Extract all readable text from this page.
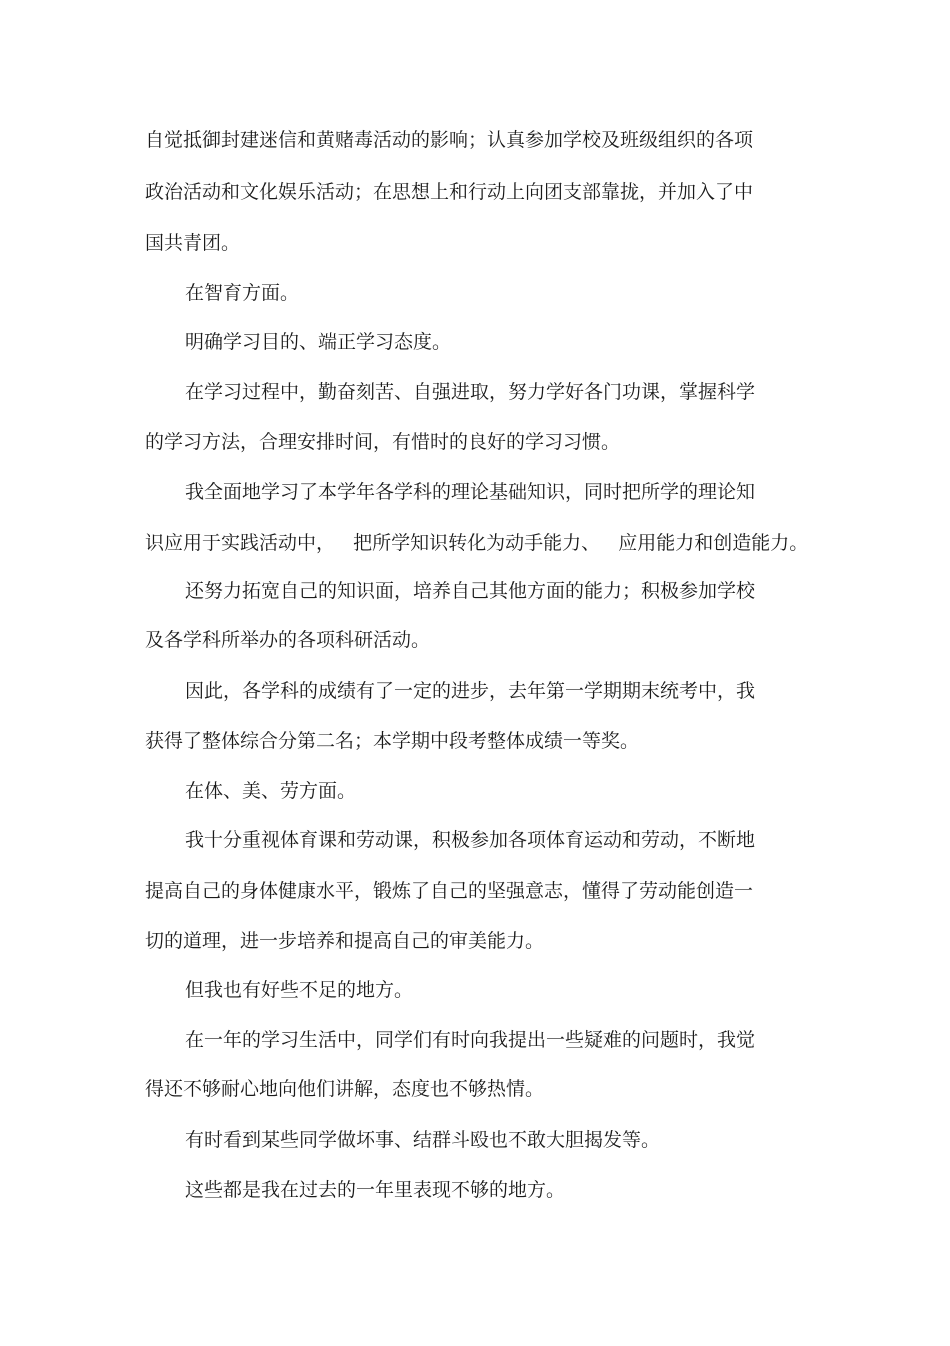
自觉抵御封建迷信和黄赌毒活动的影响；认真参加学校及班级组织的各项
政治活动和文化娱乐活动；在思想上和行动上向团支部靠拢，并加入了中
国共青团。
在智育方面。
明确学习目的、端正学习态度。
在学习过程中，勤奋刻苦、自强进取，努力学好各门功课，掌握科学
的学习方法，合理安排时间，有惜时的良好的学习习惯。
我全面地学习了本学年各学科的理论基础知识，同时把所学的理论知
识应用于实践活动中，   把所学知识转化为动手能力、   应用能力和创造能力。
还努力拓宽自己的知识面，培养自己其他方面的能力；积极参加学校
及各学科所举办的各项科研活动。
因此，各学科的成绩有了一定的进步，去年第一学期期末统考中，我
获得了整体综合分第二名；本学期中段考整体成绩一等奖。
在体、美、劳方面。
我十分重视体育课和劳动课，积极参加各项体育运动和劳动，不断地
提高自己的身体健康水平，锻炼了自己的坚强意志，懂得了劳动能创造一
切的道理，进一步培养和提高自己的审美能力。
但我也有好些不足的地方。
在一年的学习生活中，同学们有时向我提出一些疑难的问题时，我觉
得还不够耐心地向他们讲解，态度也不够热情。
有时看到某些同学做坏事、结群斗殴也不敢大胆揭发等。
这些都是我在过去的一年里表现不够的地方。
